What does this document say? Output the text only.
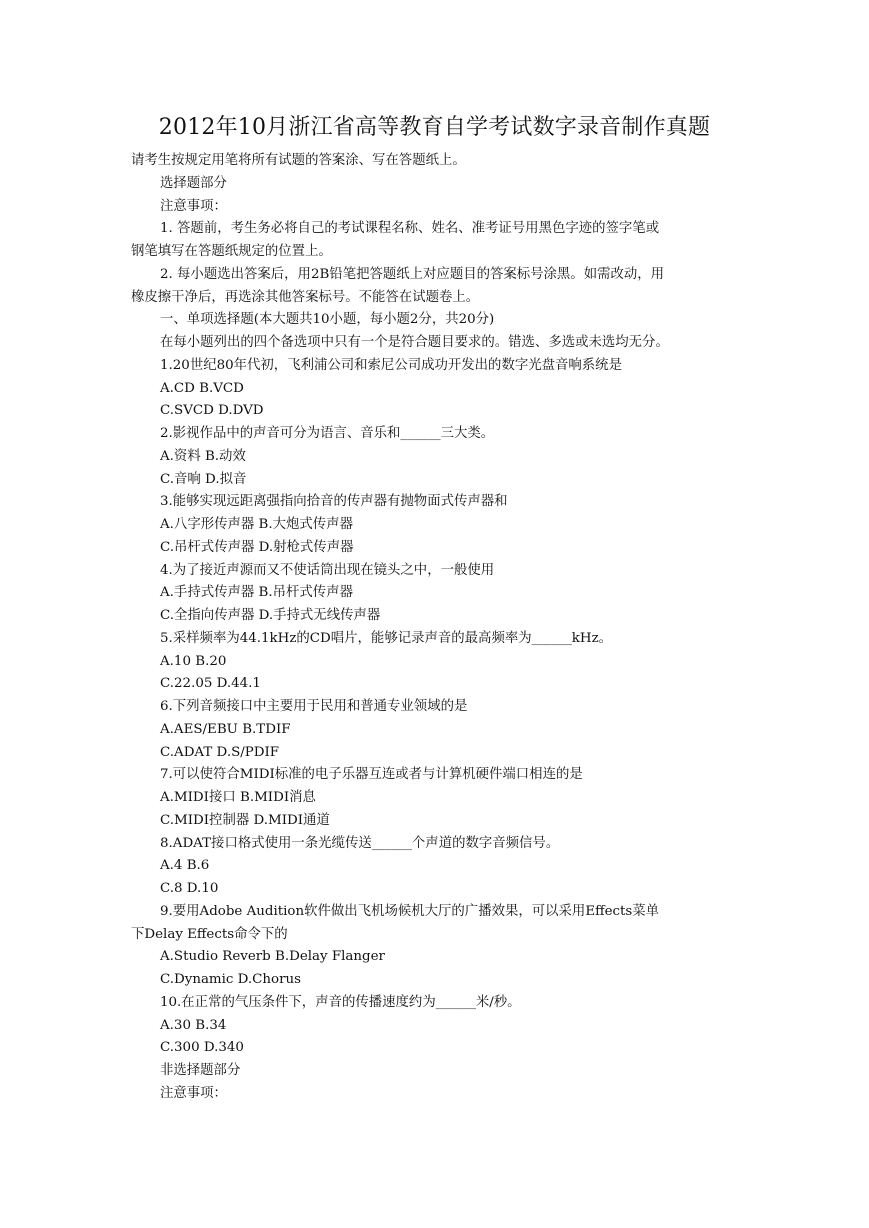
2012年10月浙江省高等教育自学考试数字录音制作真题
请考生按规定用笔将所有试题的答案涂、写在答题纸上。
选择题部分
注意事项：
1. 答题前，考生务必将自己的考试课程名称、姓名、准考证号用黑色字迹的签字笔或
钢笔填写在答题纸规定的位置上。
2. 每小题选出答案后，用2B铅笔把答题纸上对应题目的答案标号涂黑。如需改动，用
橡皮擦干净后，再选涂其他答案标号。不能答在试题卷上。
一、单项选择题(本大题共10小题，每小题2分，共20分)
在每小题列出的四个备选项中只有一个是符合题目要求的。错选、多选或未选均无分。
1.20世纪80年代初，飞利浦公司和索尼公司成功开发出的数字光盘音响系统是
A.CD B.VCD
C.SVCD D.DVD
2.影视作品中的声音可分为语言、音乐和______三大类。
A.资料 B.动效
C.音响 D.拟音
3.能够实现远距离强指向拾音的传声器有抛物面式传声器和
A.八字形传声器 B.大炮式传声器
C.吊杆式传声器 D.射枪式传声器
4.为了接近声源而又不使话筒出现在镜头之中，一般使用
A.手持式传声器 B.吊杆式传声器
C.全指向传声器 D.手持式无线传声器
5.采样频率为44.1kHz的CD唱片，能够记录声音的最高频率为______kHz。
A.10 B.20
C.22.05 D.44.1
6.下列音频接口中主要用于民用和普通专业领域的是
A.AES/EBU B.TDIF
C.ADAT D.S/PDIF
7.可以使符合MIDI标准的电子乐器互连或者与计算机硬件端口相连的是
A.MIDI接口 B.MIDI消息
C.MIDI控制器 D.MIDI通道
8.ADAT接口格式使用一条光缆传送______个声道的数字音频信号。
A.4 B.6
C.8 D.10
9.要用Adobe Audition软件做出飞机场候机大厅的广播效果，可以采用Effects菜单
下Delay Effects命令下的
A.Studio Reverb B.Delay Flanger
C.Dynamic D.Chorus
10.在正常的气压条件下，声音的传播速度约为______米/秒。
A.30 B.34
C.300 D.340
非选择题部分
注意事项：
